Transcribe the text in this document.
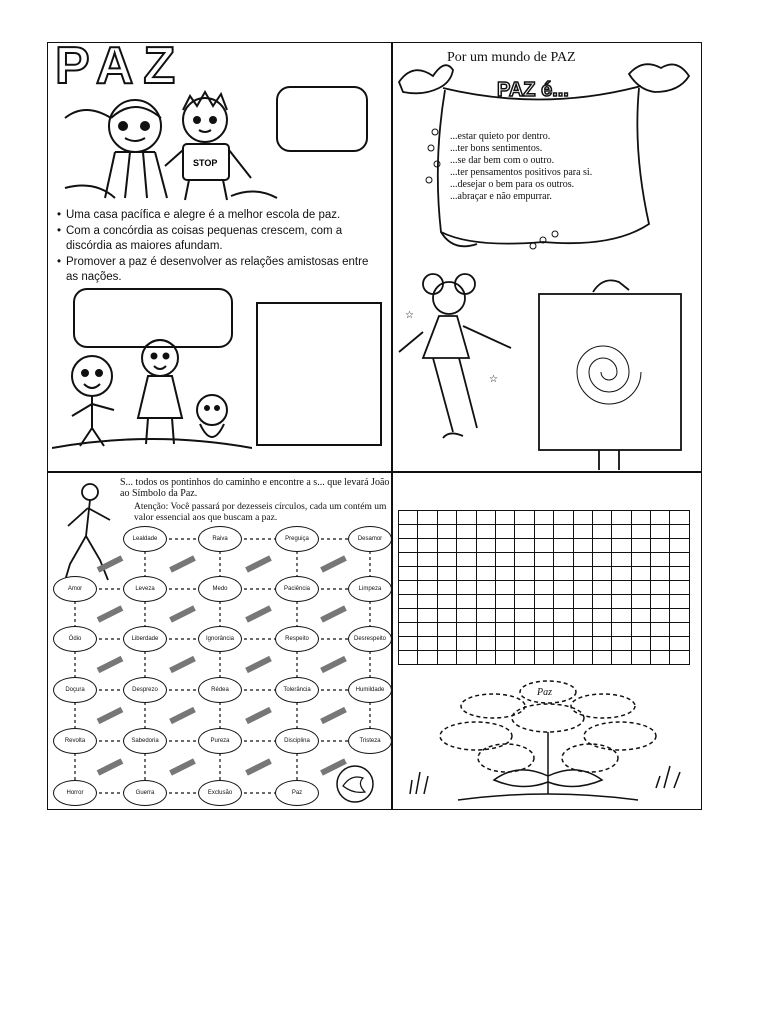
PAZ
STOP
• Uma casa pacífica e alegre é a melhor escola de paz.
• Com a concórdia as coisas pequenas crescem, com a discórdia as maiores afundam.
• Promover a paz é desenvolver as relações amistosas entre as nações.
Por um mundo de PAZ
PAZ é...
...estar quieto por dentro.
...ter bons sentimentos.
...se dar bem com o outro.
...ter pensamentos positivos para si.
...desejar o bem para os outros.
...abraçar e não empurrar.
☆
☆
P
S... todos os pontinhos do caminho e encontre a s... que levará João ao Símbolo da Paz.
Atenção: Você passará por dezesseis círculos, cada um contém um valor essencial aos que buscam a paz.
Lealdade	Raiva	Preguiça	Desamor
Amor	Leveza	Medo	Paciência	Limpeza
Ódio	Liberdade	Ignorância	Respeito	Desrespeito
Doçura	Desprezo	Rédea	Tolerância	Humildade
Revolta	Sabedoria	Pureza	Disciplina	Tristeza
Horror	Guerra	Exclusão	Paz

Paz
